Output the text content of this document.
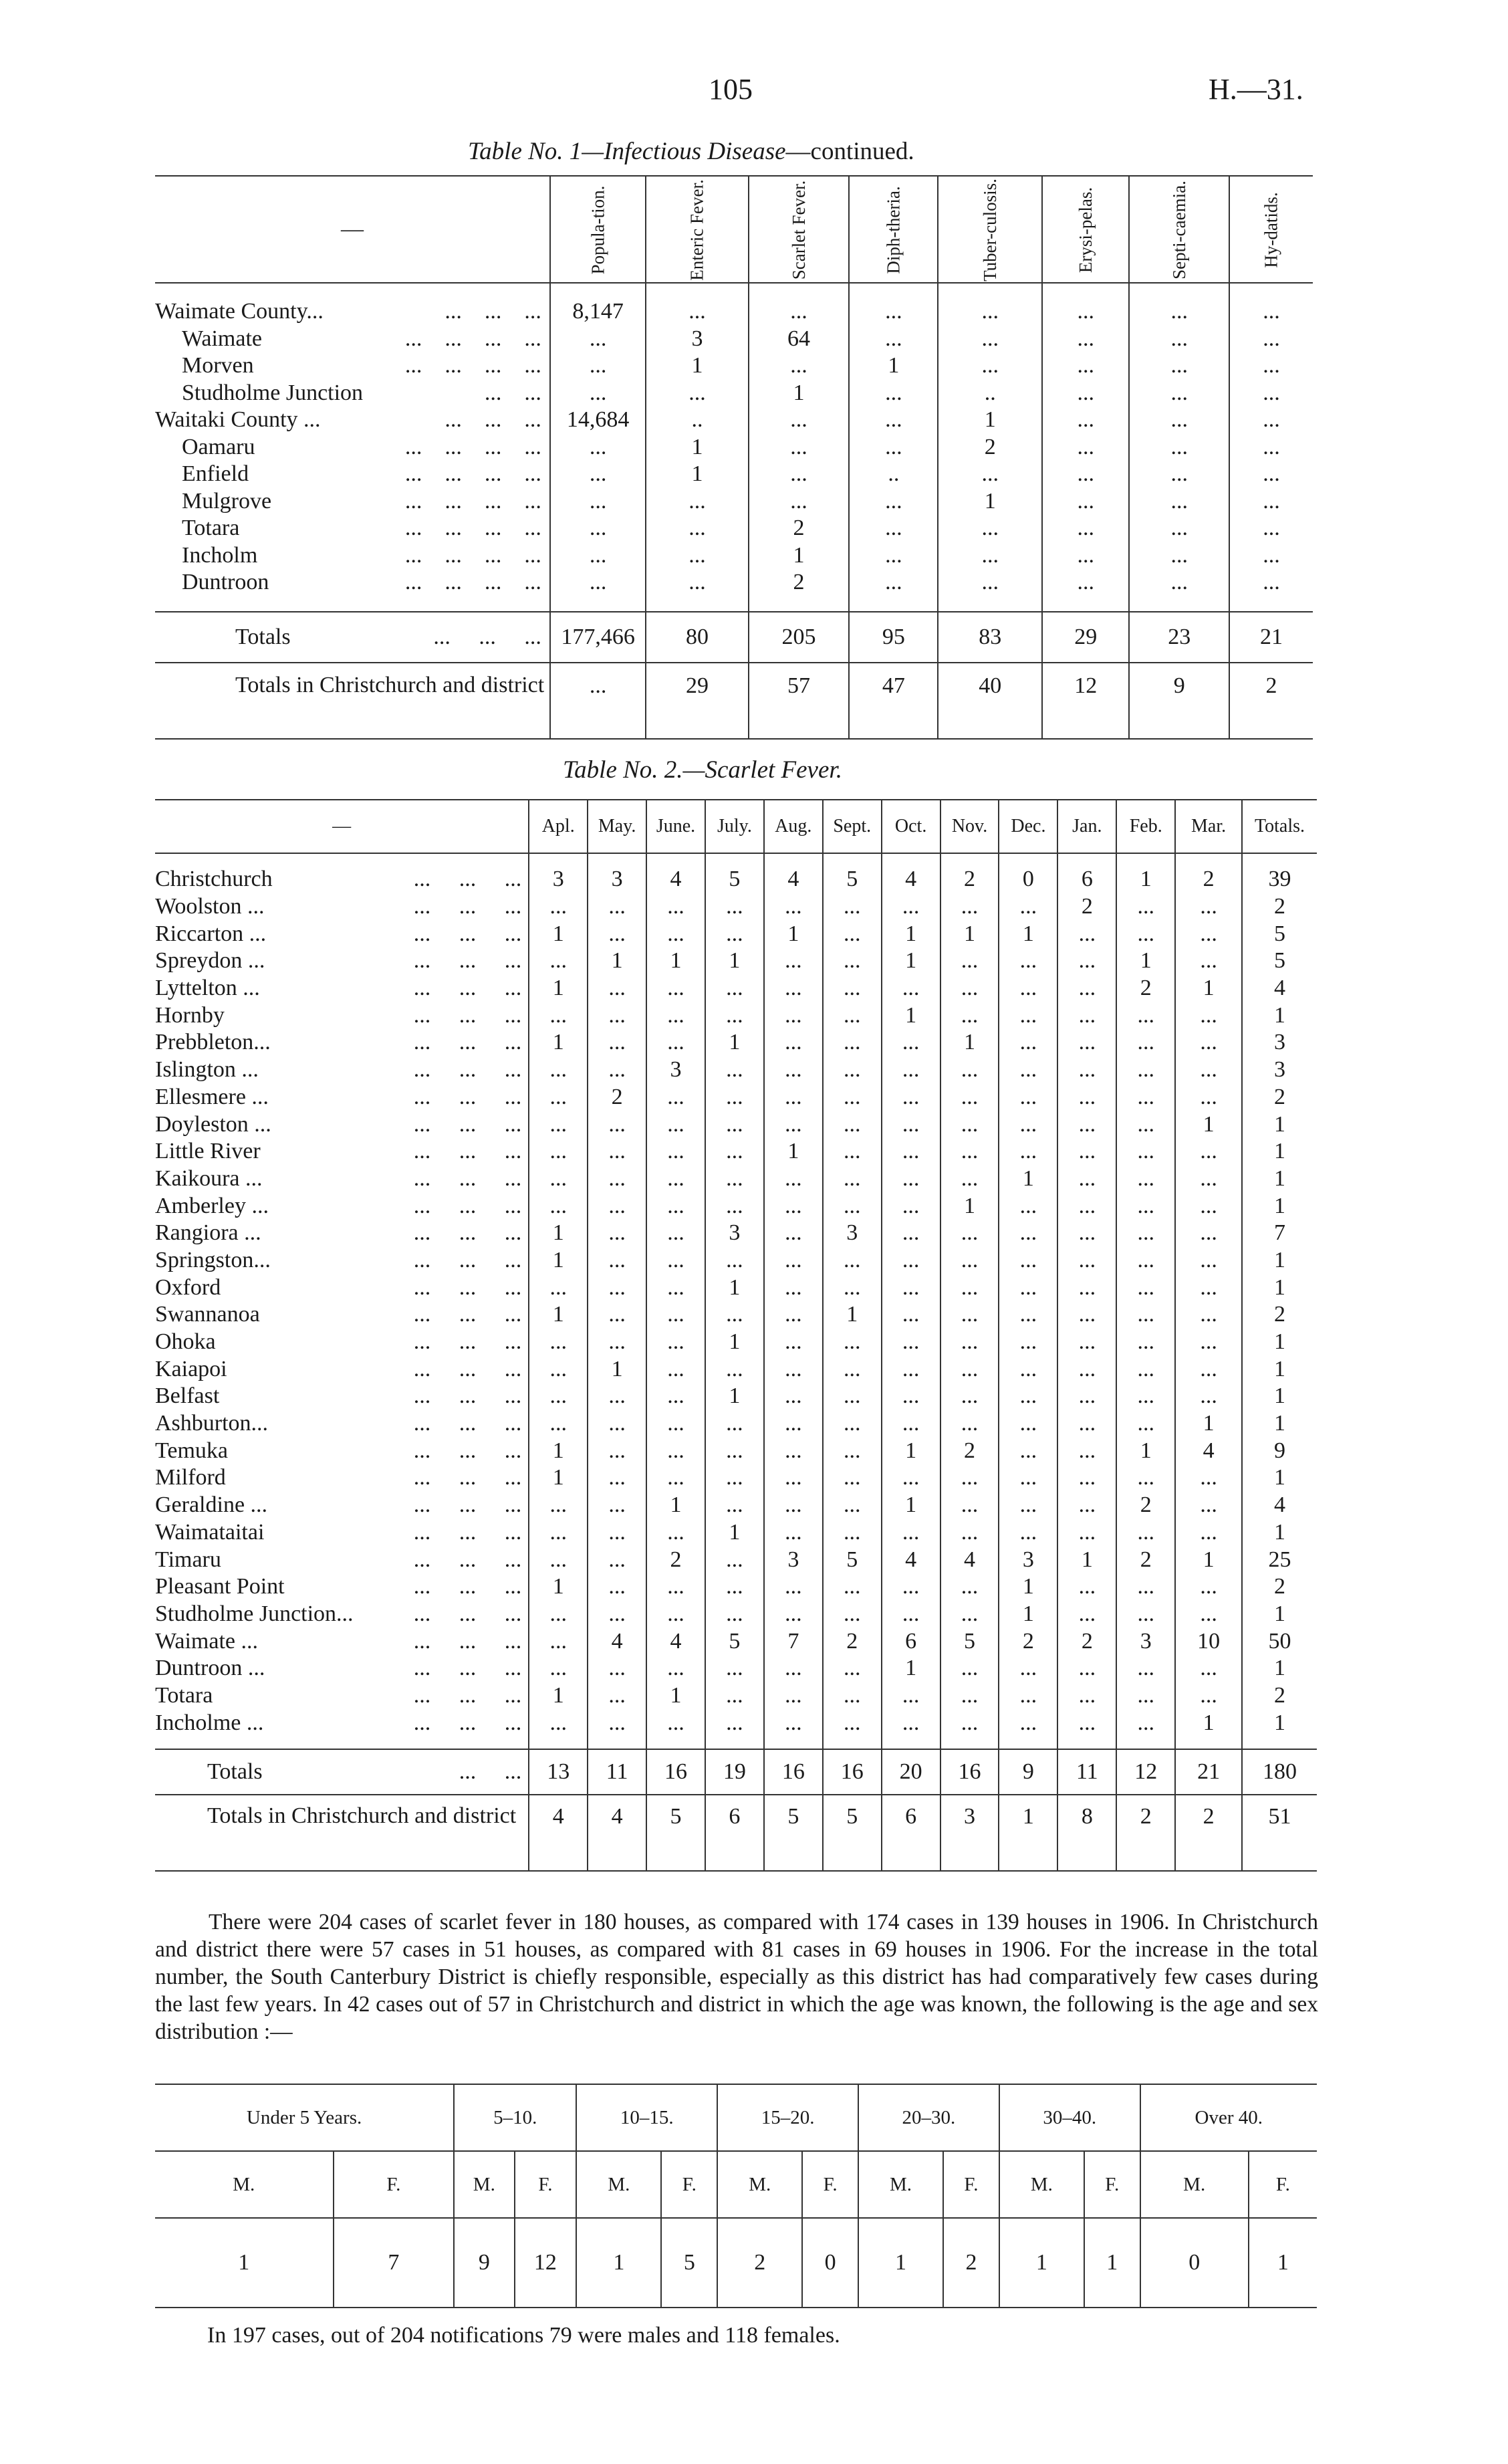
105	H.—31.
Table No. 1—Infectious Disease—continued.
—	Popula-tion.	Enteric Fever.	Scarlet Fever.	Diph-theria.	Tuber-culosis.	Erysi-pelas.	Septi-caemia.	Hy-datids.

Waimate County... ...    ...    ...	8,147	...	...	...	...	...	...	...
Waimate ...    ...    ...    ...	...	3	64	...	...	...	...	...
Morven ...    ...    ...    ...	...	1	...	1	...	...	...	...
Studholme Junction ...    ...	...	...	1	...	..	...	...	...
Waitaki County ... ...    ...    ...	14,684	..	...	...	1	...	...	...
Oamaru ...    ...    ...    ...	...	1	...	...	2	...	...	...
Enfield ...    ...    ...    ...	...	1	...	..	...	...	...	...
Mulgrove ...    ...    ...    ...	...	...	...	...	1	...	...	...
Totara ...    ...    ...    ...	...	...	2	...	...	...	...	...
Incholm ...    ...    ...    ...	...	...	1	...	...	...	...	...
Duntroon ...    ...    ...    ...	...	...	2	...	...	...	...	...

Totals ...     ...     ...	177,466	80	205	95	83	29	23	21
Totals in Christchurch and district	...	29	57	47	40	12	9	2
Table No. 2.—Scarlet Fever.
—	Apl.	May.	June.	July.	Aug.	Sept.	Oct.	Nov.	Dec.	Jan.	Feb.	Mar.	Totals.

Christchurch ...     ...     ...	3	3	4	5	4	5	4	2	0	6	1	2	39
Woolston ... ...     ...     ...	...	...	...	...	...	...	...	...	...	2	...	...	2
Riccarton ... ...     ...     ...	1	...	...	...	1	...	1	1	1	...	...	...	5
Spreydon ... ...     ...     ...	...	1	1	1	...	...	1	...	...	...	1	...	5
Lyttelton ... ...     ...     ...	1	...	...	...	...	...	...	...	...	...	2	1	4
Hornby ...     ...     ...	...	...	...	...	...	...	1	...	...	...	...	...	1
Prebbleton... ...     ...     ...	1	...	...	1	...	...	...	1	...	...	...	...	3
Islington ... ...     ...     ...	...	...	3	...	...	...	...	...	...	...	...	...	3
Ellesmere ... ...     ...     ...	...	2	...	...	...	...	...	...	...	...	...	...	2
Doyleston ... ...     ...     ...	...	...	...	...	...	...	...	...	...	...	...	1	1
Little River ...     ...     ...	...	...	...	...	1	...	...	...	...	...	...	...	1
Kaikoura ... ...     ...     ...	...	...	...	...	...	...	...	...	1	...	...	...	1
Amberley ... ...     ...     ...	...	...	...	...	...	...	...	1	...	...	...	...	1
Rangiora ... ...     ...     ...	1	...	...	3	...	3	...	...	...	...	...	...	7
Springston... ...     ...     ...	1	...	...	...	...	...	...	...	...	...	...	...	1
Oxford ...     ...     ...	...	...	...	1	...	...	...	...	...	...	...	...	1
Swannanoa ...     ...     ...	1	...	...	...	...	1	...	...	...	...	...	...	2
Ohoka ...     ...     ...	...	...	...	1	...	...	...	...	...	...	...	...	1
Kaiapoi ...     ...     ...	...	1	...	...	...	...	...	...	...	...	...	...	1
Belfast ...     ...     ...	...	...	...	1	...	...	...	...	...	...	...	...	1
Ashburton... ...     ...     ...	...	...	...	...	...	...	...	...	...	...	...	1	1
Temuka ...     ...     ...	1	...	...	...	...	...	1	2	...	...	1	4	9
Milford ...     ...     ...	1	...	...	...	...	...	...	...	...	...	...	...	1
Geraldine ... ...     ...     ...	...	...	1	...	...	...	1	...	...	...	2	...	4
Waimataitai ...     ...     ...	...	...	...	1	...	...	...	...	...	...	...	...	1
Timaru ...     ...     ...	...	...	2	...	3	5	4	4	3	1	2	1	25
Pleasant Point ...     ...     ...	1	...	...	...	...	...	...	...	1	...	...	...	2
Studholme Junction... ...     ...     ...	...	...	...	...	...	...	...	...	1	...	...	...	1
Waimate ... ...     ...     ...	...	4	4	5	7	2	6	5	2	2	3	10	50
Duntroon ... ...     ...     ...	...	...	...	...	...	...	1	...	...	...	...	...	1
Totara ...     ...     ...	1	...	1	...	...	...	...	...	...	...	...	...	2
Incholme ... ...     ...     ...	...	...	...	...	...	...	...	...	...	...	...	1	1

Totals ...     ...	13	11	16	19	16	16	20	16	9	11	12	21	180
Totals in Christchurch and district	4	4	5	6	5	5	6	3	1	8	2	2	51
There were 204 cases of scarlet fever in 180 houses, as compared with 174 cases in 139 houses in 1906. In Christchurch and district there were 57 cases in 51 houses, as compared with 81 cases in 69 houses in 1906. For the increase in the total number, the South Canterbury District is chiefly responsible, especially as this district has had comparatively few cases during the last few years. In 42 cases out of 57 in Christchurch and district in which the age was known, the following is the age and sex distribution :—
Under 5 Years.		5–10.		10–15.		15–20.		20–30.		30–40.		Over 40.	
M.	F.	M.	F.	M.	F.	M.	F.	M.	F.	M.	F.	M.	F.
1	7	9	12	1	5	2	0	1	2	1	1	0	1
In 197 cases, out of 204 notifications 79 were males and 118 females.
